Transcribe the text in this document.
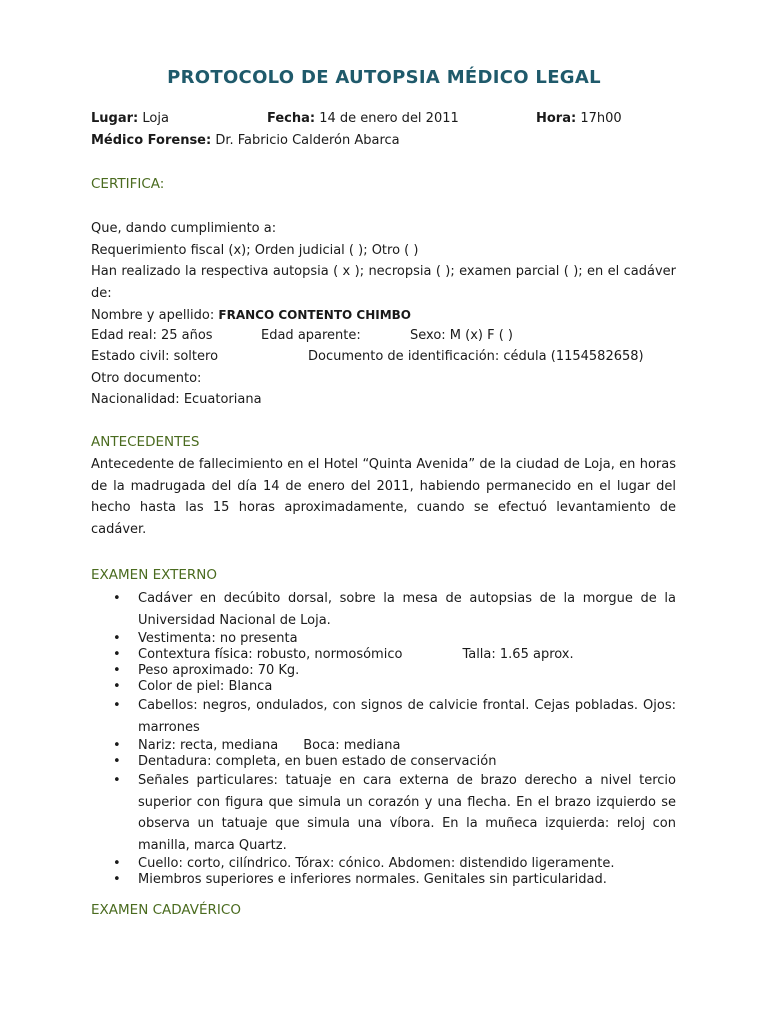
PROTOCOLO DE AUTOPSIA MÉDICO LEGAL
Lugar: Loja	Fecha: 14 de enero del 2011	Hora: 17h00
Médico Forense: Dr. Fabricio Calderón Abarca
CERTIFICA:
Que, dando cumplimiento a:
Requerimiento fiscal (x); Orden judicial ( ); Otro ( )
Han realizado la respectiva autopsia ( x ); necropsia ( ); examen parcial ( ); en el cadáver de:
Nombre y apellido: FRANCO CONTENTO CHIMBO
Edad real: 25 años	Edad aparente:	Sexo: M (x) F ( )
Estado civil: soltero	Documento de identificación: cédula (1154582658)
Otro documento:
Nacionalidad: Ecuatoriana
ANTECEDENTES
Antecedente de fallecimiento en el Hotel “Quinta Avenida” de la ciudad de Loja, en horas de la madrugada del día 14 de enero del 2011, habiendo permanecido en el lugar del hecho hasta las 15 horas aproximadamente, cuando se efectuó levantamiento de cadáver.
EXAMEN EXTERNO
• Cadáver en decúbito dorsal, sobre la mesa de autopsias de la morgue de la Universidad Nacional de Loja.
• Vestimenta: no presenta
• Contextura física: robusto, normosómico	Talla: 1.65 aprox.
• Peso aproximado: 70 Kg.
• Color de piel: Blanca
• Cabellos: negros, ondulados, con signos de calvicie frontal. Cejas pobladas. Ojos: marrones
• Nariz: recta, mediana Boca: mediana
• Dentadura: completa, en buen estado de conservación
• Señales particulares: tatuaje en cara externa de brazo derecho a nivel tercio superior con figura que simula un corazón y una flecha. En el brazo izquierdo se observa un tatuaje que simula una víbora. En la muñeca izquierda: reloj con manilla, marca Quartz.
• Cuello: corto, cilíndrico. Tórax: cónico. Abdomen: distendido ligeramente.
• Miembros superiores e inferiores normales. Genitales sin particularidad.
EXAMEN CADAVÉRICO
